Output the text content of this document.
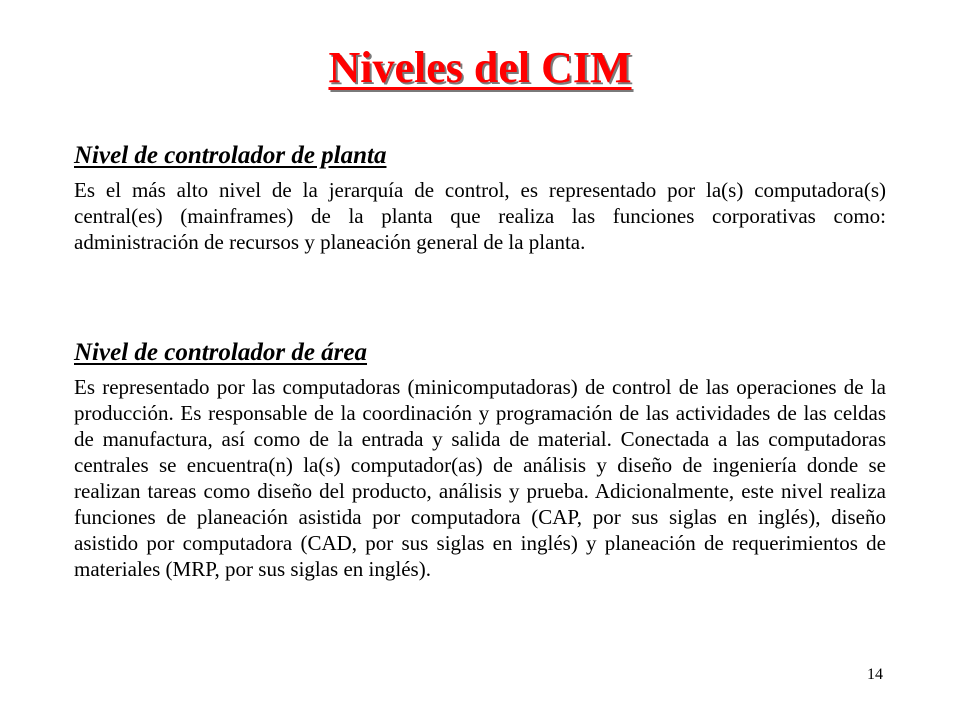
Niveles del CIM
Nivel de controlador de planta

Es el más alto nivel de la jerarquía de control, es representado por la(s) computadora(s) central(es) (mainframes) de la planta que realiza las funciones corporativas como: administración de recursos y planeación general de la planta.

Nivel de controlador de área

Es representado por las computadoras (minicomputadoras) de control de las operaciones de la producción. Es responsable de la coordinación y programación de las actividades de las celdas de manufactura, así como de la entrada y salida de material. Conectada a las computadoras centrales se encuentra(n) la(s) computador(as) de análisis y diseño de ingeniería donde se realizan tareas como diseño del producto, análisis y prueba. Adicionalmente, este nivel realiza funciones de planeación asistida por computadora (CAP, por sus siglas en inglés), diseño asistido por computadora (CAD, por sus siglas en inglés) y planeación de requerimientos de materiales (MRP, por sus siglas en inglés).

14
